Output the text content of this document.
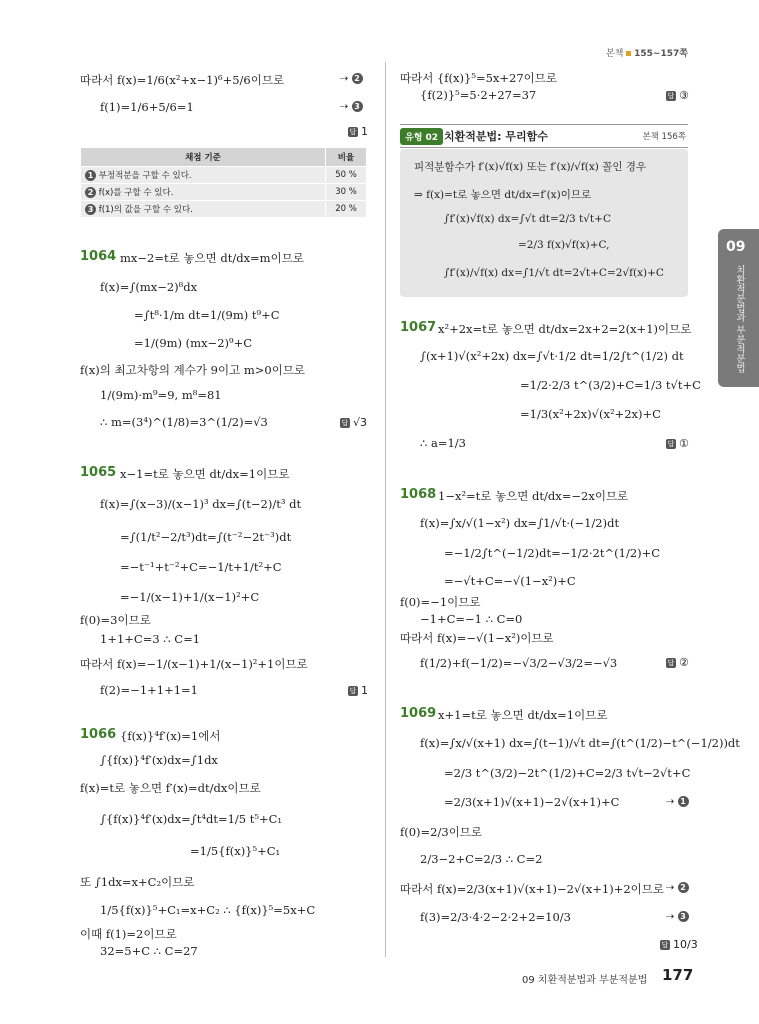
본책 155~157쪽
따라서 f(x)=1/6(x²+x−1)⁶+5/6이므로	⇢ 2
f(1)=1/6+5/6=1	⇢ 3
답 1
채점 기준	비율
1 부정적분을 구할 수 있다.	50 %
2 f(x)를 구할 수 있다.	30 %
3 f(1)의 값을 구할 수 있다.	20 %
1064 mx−2=t로 놓으면 dt/dx=m이므로
f(x)=∫(mx−2)⁸dx
=∫t⁸·1/m dt=1/(9m) t⁹+C
=1/(9m) (mx−2)⁹+C
f(x)의 최고차항의 계수가 9이고 m>0이므로
1/(9m)·m⁹=9, m⁸=81
∴ m=(3⁴)^(1/8)=3^(1/2)=√3	답 √3
1065 x−1=t로 놓으면 dt/dx=1이므로
f(x)=∫(x−3)/(x−1)³ dx=∫(t−2)/t³ dt
=∫(1/t²−2/t³)dt=∫(t⁻²−2t⁻³)dt
=−t⁻¹+t⁻²+C=−1/t+1/t²+C
=−1/(x−1)+1/(x−1)²+C
f(0)=3이므로
1+1+C=3 ∴ C=1
따라서 f(x)=−1/(x−1)+1/(x−1)²+1이므로
f(2)=−1+1+1=1	답 1
1066 {f(x)}⁴f′(x)=1에서
∫{f(x)}⁴f′(x)dx=∫1dx
f(x)=t로 놓으면 f′(x)=dt/dx이므로
∫{f(x)}⁴f′(x)dx=∫t⁴dt=1/5 t⁵+C₁
=1/5{f(x)}⁵+C₁
또 ∫1dx=x+C₂이므로
1/5{f(x)}⁵+C₁=x+C₂ ∴ {f(x)}⁵=5x+C
이때 f(1)=2이므로
32=5+C ∴ C=27
따라서 {f(x)}⁵=5x+27이므로
{f(2)}⁵=5·2+27=37	답 ③
유형 02 치환적분법: 무리함수	본책 156쪽
피적분함수가 f′(x)√f(x) 또는 f′(x)/√f(x) 꼴인 경우
⇒ f(x)=t로 놓으면 dt/dx=f′(x)이므로
∫f′(x)√f(x) dx=∫√t dt=2/3 t√t+C
=2/3 f(x)√f(x)+C,
∫f′(x)/√f(x) dx=∫1/√t dt=2√t+C=2√f(x)+C
1067 x²+2x=t로 놓으면 dt/dx=2x+2=2(x+1)이므로
∫(x+1)√(x²+2x) dx=∫√t·1/2 dt=1/2∫t^(1/2) dt
=1/2·2/3 t^(3/2)+C=1/3 t√t+C
=1/3(x²+2x)√(x²+2x)+C
∴ a=1/3	답 ①
1068 1−x²=t로 놓으면 dt/dx=−2x이므로
f(x)=∫x/√(1−x²) dx=∫1/√t·(−1/2)dt
=−1/2∫t^(−1/2)dt=−1/2·2t^(1/2)+C
=−√t+C=−√(1−x²)+C
f(0)=−1이므로
−1+C=−1 ∴ C=0
따라서 f(x)=−√(1−x²)이므로
f(1/2)+f(−1/2)=−√3/2−√3/2=−√3	답 ②
1069 x+1=t로 놓으면 dt/dx=1이므로
f(x)=∫x/√(x+1) dx=∫(t−1)/√t dt=∫(t^(1/2)−t^(−1/2))dt
=2/3 t^(3/2)−2t^(1/2)+C=2/3 t√t−2√t+C
=2/3(x+1)√(x+1)−2√(x+1)+C	⇢ 1
f(0)=2/3이므로
2/3−2+C=2/3 ∴ C=2
따라서 f(x)=2/3(x+1)√(x+1)−2√(x+1)+2이므로 ⇢ 2
f(3)=2/3·4·2−2·2+2=10/3	⇢ 3
답 10/3
09
치환적분법과 부분적분법
09 치환적분법과 부분적분법 177
